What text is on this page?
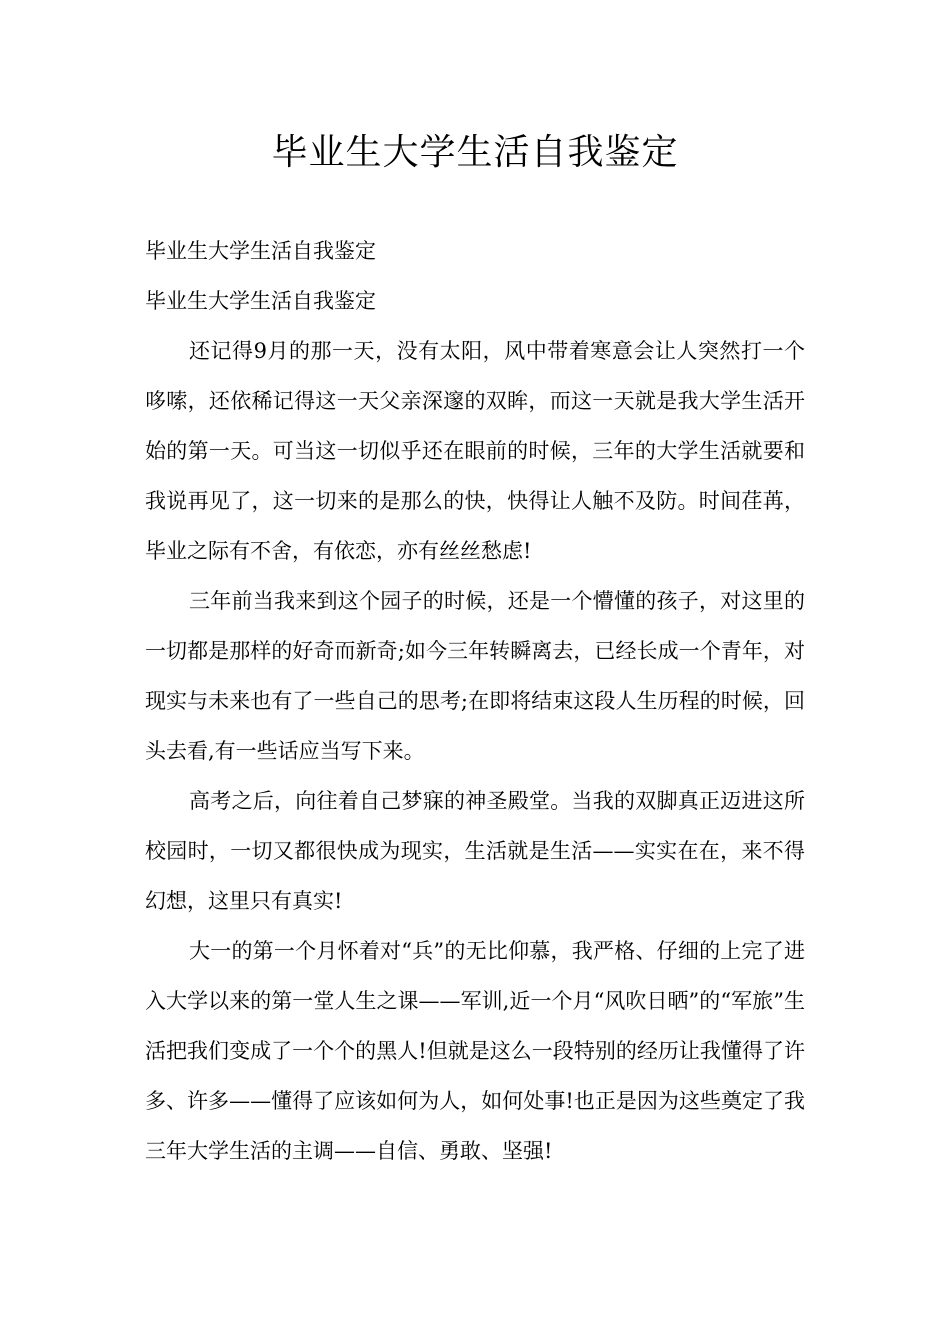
毕业生大学生活自我鉴定

毕业生大学生活自我鉴定

毕业生大学生活自我鉴定

还记得9月的那一天，没有太阳，风中带着寒意会让人突然打一个哆嗦，还依稀记得这一天父亲深邃的双眸，而这一天就是我大学生活开始的第一天。可当这一切似乎还在眼前的时候，三年的大学生活就要和我说再见了，这一切来的是那么的快，快得让人触不及防。时间荏苒，毕业之际有不舍，有依恋，亦有丝丝愁虑!

三年前当我来到这个园子的时候，还是一个懵懂的孩子，对这里的一切都是那样的好奇而新奇;如今三年转瞬离去，已经长成一个青年，对现实与未来也有了一些自己的思考;在即将结束这段人生历程的时候，回头去看,有一些话应当写下来。

高考之后，向往着自己梦寐的神圣殿堂。当我的双脚真正迈进这所校园时，一切又都很快成为现实，生活就是生活——实实在在，来不得幻想，这里只有真实!

大一的第一个月怀着对“兵”的无比仰慕，我严格、仔细的上完了进入大学以来的第一堂人生之课——军训,近一个月“风吹日晒”的“军旅”生活把我们变成了一个个的黑人!但就是这么一段特别的经历让我懂得了许多、许多——懂得了应该如何为人，如何处事!也正是因为这些奠定了我三年大学生活的主调——自信、勇敢、坚强!
